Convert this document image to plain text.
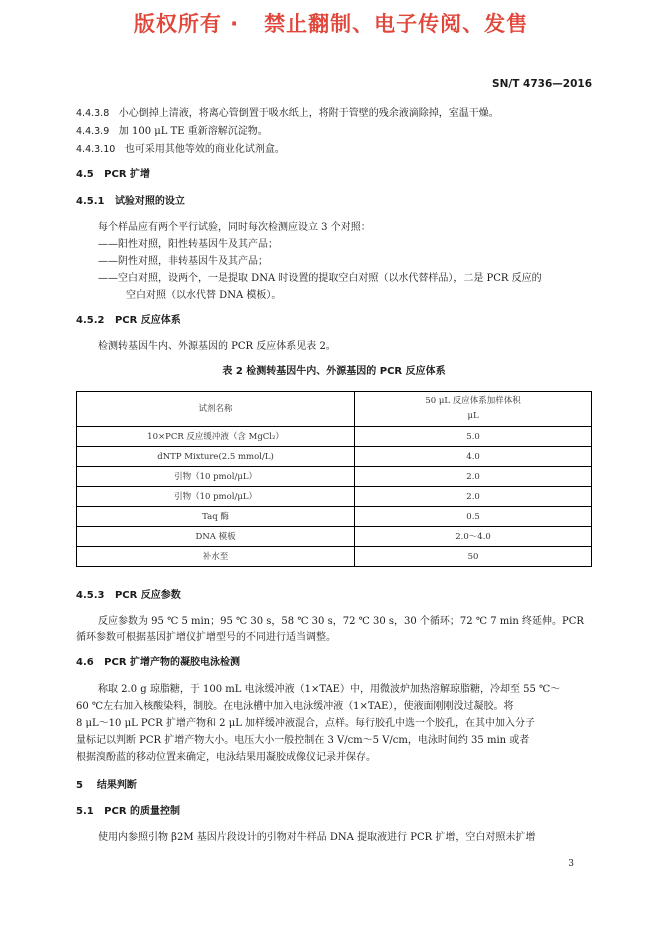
版权所有 ·   禁止翻制、电子传阅、发售
SN/T 4736—2016
4.4.3.8 小心倒掉上清液，将离心管倒置于吸水纸上，将附于管壁的残余液滴除掉，室温干燥。
4.4.3.9 加 100 μL TE 重新溶解沉淀物。
4.4.3.10 也可采用其他等效的商业化试剂盒。
4.5 PCR 扩增
4.5.1 试验对照的设立
每个样品应有两个平行试验，同时每次检测应设立 3 个对照：
——阳性对照，阳性转基因牛及其产品；
——阴性对照，非转基因牛及其产品；
——空白对照，设两个，一是提取 DNA 时设置的提取空白对照（以水代替样品），二是 PCR 反应的
空白对照（以水代替 DNA 模板）。
4.5.2 PCR 反应体系
检测转基因牛内、外源基因的 PCR 反应体系见表 2。
表 2 检测转基因牛内、外源基因的 PCR 反应体系
试剂名称	50 μL 反应体系加样体积
μL

10×PCR 反应缓冲液（含 MgCl₂）	5.0
dNTP Mixture(2.5 mmol/L)	4.0
引物（10 pmol/μL）	2.0
引物（10 pmol/μL）	2.0
Taq 酶	0.5
DNA 模板	2.0～4.0
补水至	50
4.5.3 PCR 反应参数
反应参数为 95 ℃ 5 min；95 ℃ 30 s，58 ℃ 30 s，72 ℃ 30 s，30 个循环；72 ℃ 7 min 终延伸。PCR
循环参数可根据基因扩增仪扩增型号的不同进行适当调整。
4.6 PCR 扩增产物的凝胶电泳检测
称取 2.0 g 琼脂糖，于 100 mL 电泳缓冲液（1×TAE）中，用微波炉加热溶解琼脂糖，冷却至 55 ℃～
60 ℃左右加入核酸染料，制胶。在电泳槽中加入电泳缓冲液（1×TAE），使液面刚刚没过凝胶。将
8 μL～10 μL PCR 扩增产物和 2 μL 加样缓冲液混合，点样。每行胶孔中选一个胶孔，在其中加入分子
量标记以判断 PCR 扩增产物大小。电压大小一般控制在 3 V/cm～5 V/cm，电泳时间约 35 min 或者
根据溴酚蓝的移动位置来确定，电泳结果用凝胶成像仪记录并保存。
5 结果判断
5.1 PCR 的质量控制
使用内参照引物 β2M 基因片段设计的引物对牛样品 DNA 提取液进行 PCR 扩增，空白对照未扩增
3
